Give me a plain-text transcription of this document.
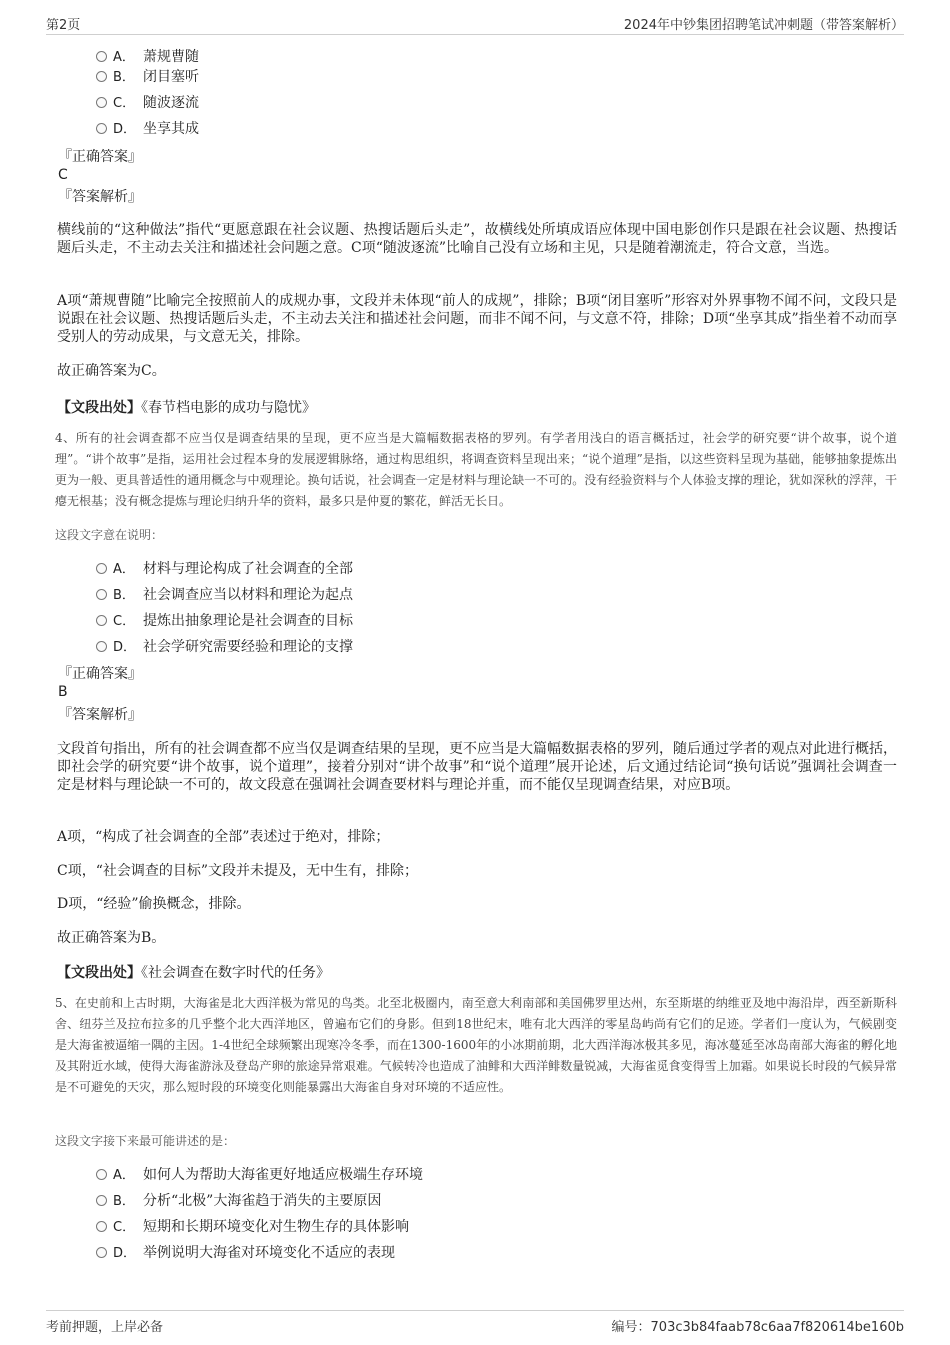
第2页	2024年中钞集团招聘笔试冲刺题（带答案解析）
A． 萧规曹随
B． 闭目塞听
C． 随波逐流
D． 坐享其成
『正确答案』
C
『答案解析』
横线前的“这种做法”指代“更愿意跟在社会议题、热搜话题后头走”，故横线处所填成语应体现中国电影创作只是跟在社会议题、热搜话题后头走，不主动去关注和描述社会问题之意。C项“随波逐流”比喻自己没有立场和主见，只是随着潮流走，符合文意，当选。
A项“萧规曹随”比喻完全按照前人的成规办事，文段并未体现“前人的成规”，排除；B项“闭目塞听”形容对外界事物不闻不问，文段只是说跟在社会议题、热搜话题后头走，不主动去关注和描述社会问题，而非不闻不问，与文意不符，排除；D项“坐享其成”指坐着不动而享受别人的劳动成果，与文意无关，排除。
故正确答案为C。
【文段出处】《春节档电影的成功与隐忧》
4、所有的社会调查都不应当仅是调查结果的呈现，更不应当是大篇幅数据表格的罗列。有学者用浅白的语言概括过，社会学的研究要“讲个故事，说个道理”。“讲个故事”是指，运用社会过程本身的发展逻辑脉络，通过构思组织，将调查资料呈现出来；“说个道理”是指，以这些资料呈现为基础，能够抽象提炼出更为一般、更具普适性的通用概念与中观理论。换句话说，社会调查一定是材料与理论缺一不可的。没有经验资料与个人体验支撑的理论，犹如深秋的浮萍，干瘪无根基；没有概念提炼与理论归纳升华的资料，最多只是仲夏的繁花，鲜活无长日。
这段文字意在说明：
A． 材料与理论构成了社会调查的全部
B． 社会调查应当以材料和理论为起点
C． 提炼出抽象理论是社会调查的目标
D． 社会学研究需要经验和理论的支撑
『正确答案』
B
『答案解析』
文段首句指出，所有的社会调查都不应当仅是调查结果的呈现，更不应当是大篇幅数据表格的罗列，随后通过学者的观点对此进行概括，即社会学的研究要“讲个故事，说个道理”，接着分别对“讲个故事”和“说个道理”展开论述，后文通过结论词“换句话说”强调社会调查一定是材料与理论缺一不可的，故文段意在强调社会调查要材料与理论并重，而不能仅呈现调查结果，对应B项。
A项，“构成了社会调查的全部”表述过于绝对，排除；
C项，“社会调查的目标”文段并未提及，无中生有，排除；
D项，“经验”偷换概念，排除。
故正确答案为B。
【文段出处】《社会调查在数字时代的任务》
5、在史前和上古时期，大海雀是北大西洋极为常见的鸟类。北至北极圈内，南至意大利南部和美国佛罗里达州，东至斯堪的纳维亚及地中海沿岸，西至新斯科舍、纽芬兰及拉布拉多的几乎整个北大西洋地区，曾遍布它们的身影。但到18世纪末，唯有北大西洋的零星岛屿尚有它们的足迹。学者们一度认为，气候剧变是大海雀被逼缩一隅的主因。1-4世纪全球频繁出现寒冷冬季，而在1300-1600年的小冰期前期，北大西洋海冰极其多见，海冰蔓延至冰岛南部大海雀的孵化地及其附近水域，使得大海雀游泳及登岛产卵的旅途异常艰难。气候转冷也造成了油鲱和大西洋鲱数量锐减，大海雀觅食变得雪上加霜。如果说长时段的气候异常是不可避免的天灾，那么短时段的环境变化则能暴露出大海雀自身对环境的不适应性。
这段文字接下来最可能讲述的是：
A． 如何人为帮助大海雀更好地适应极端生存环境
B． 分析“北极”大海雀趋于消失的主要原因
C． 短期和长期环境变化对生物生存的具体影响
D． 举例说明大海雀对环境变化不适应的表现
考前押题，上岸必备	编号：703c3b84faab78c6aa7f820614be160b
